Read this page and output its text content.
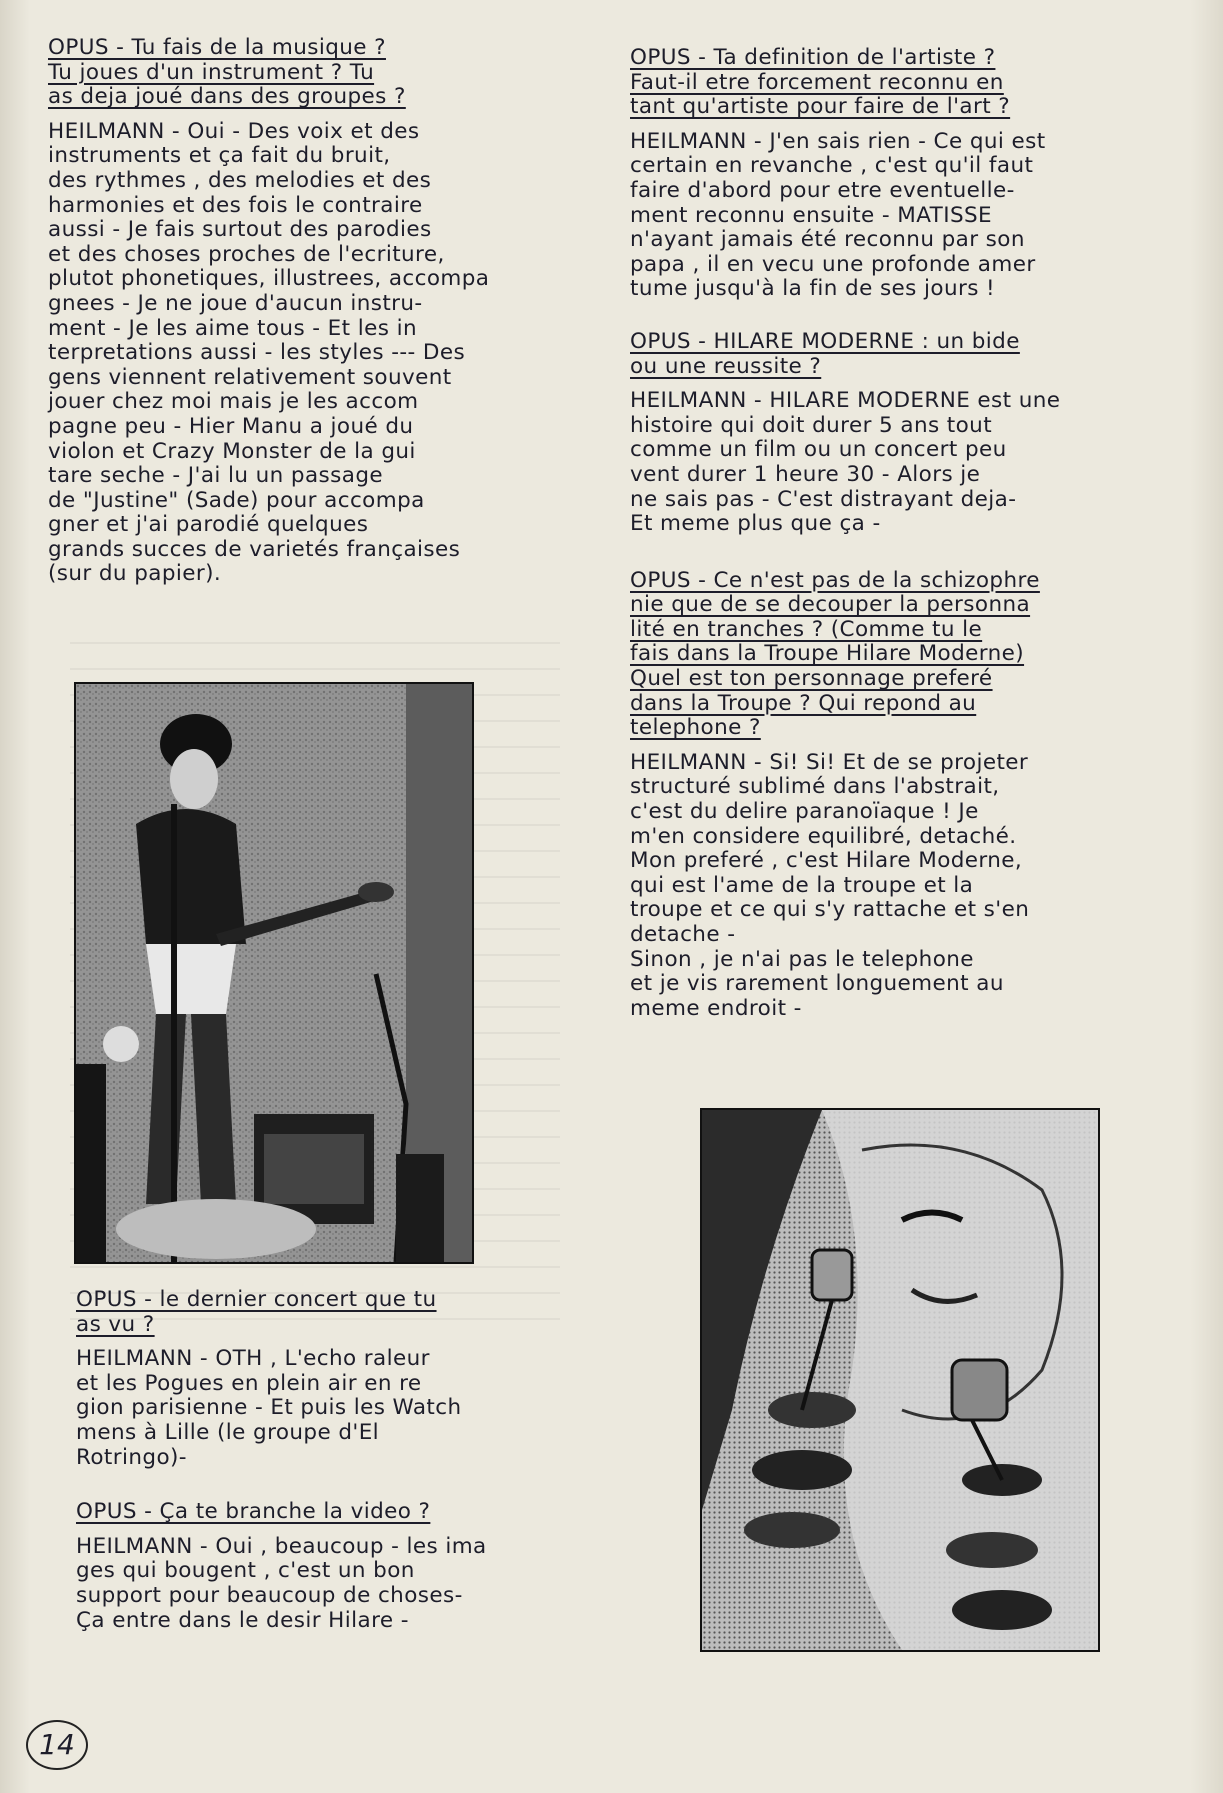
OPUS - Tu fais de la musique ?
Tu joues d'un instrument ? Tu
as deja joué dans des groupes ?
HEILMANN - Oui - Des voix et des
instruments et ça fait du bruit,
des rythmes , des melodies et des
harmonies et des fois le contraire
aussi - Je fais surtout des parodies
et des choses proches de l'ecriture,
plutot phonetiques, illustrees, accompa
gnees - Je ne joue d'aucun instru-
ment - Je les aime tous - Et les in
terpretations aussi - les styles --- Des
gens viennent relativement souvent
jouer chez moi mais je les accom
pagne peu - Hier Manu a joué du
violon et Crazy Monster de la gui
tare seche - J'ai lu un passage
de "Justine" (Sade) pour accompa
gner et j'ai parodié quelques
grands succes de varietés françaises
(sur du papier).
OPUS - le dernier concert que tu
as vu ?
HEILMANN - OTH , L'echo raleur
et les Pogues en plein air en re
gion parisienne - Et puis les Watch
mens à Lille (le groupe d'El
Rotringo)-
OPUS - Ça te branche la video ?
HEILMANN - Oui , beaucoup - les ima
ges qui bougent , c'est un bon
support pour beaucoup de choses-
Ça entre dans le desir Hilare -
OPUS - Ta definition de l'artiste ?
Faut-il etre forcement reconnu en
tant qu'artiste pour faire de l'art ?
HEILMANN - J'en sais rien - Ce qui est
certain en revanche , c'est qu'il faut
faire d'abord pour etre eventuelle-
ment reconnu ensuite - MATISSE
n'ayant jamais été reconnu par son
papa , il en vecu une profonde amer
tume jusqu'à la fin de ses jours !
OPUS - HILARE MODERNE : un bide
ou une reussite ?
HEILMANN - HILARE MODERNE est une
histoire qui doit durer 5 ans tout
comme un film ou un concert peu
vent durer 1 heure 30 - Alors je
ne sais pas - C'est distrayant deja-
Et meme plus que ça -
OPUS - Ce n'est pas de la schizophre
nie que de se decouper la personna
lité en tranches ? (Comme tu le
fais dans la Troupe Hilare Moderne)
Quel est ton personnage preferé
dans la Troupe ? Qui repond au
telephone ?
HEILMANN - Si! Si! Et de se projeter
structuré sublimé dans l'abstrait,
c'est du delire paranoïaque ! Je
m'en considere equilibré, detaché.
Mon preferé , c'est Hilare Moderne,
qui est l'ame de la troupe et la
troupe et ce qui s'y rattache et s'en
detache -
Sinon , je n'ai pas le telephone
et je vis rarement longuement au
meme endroit -
14
